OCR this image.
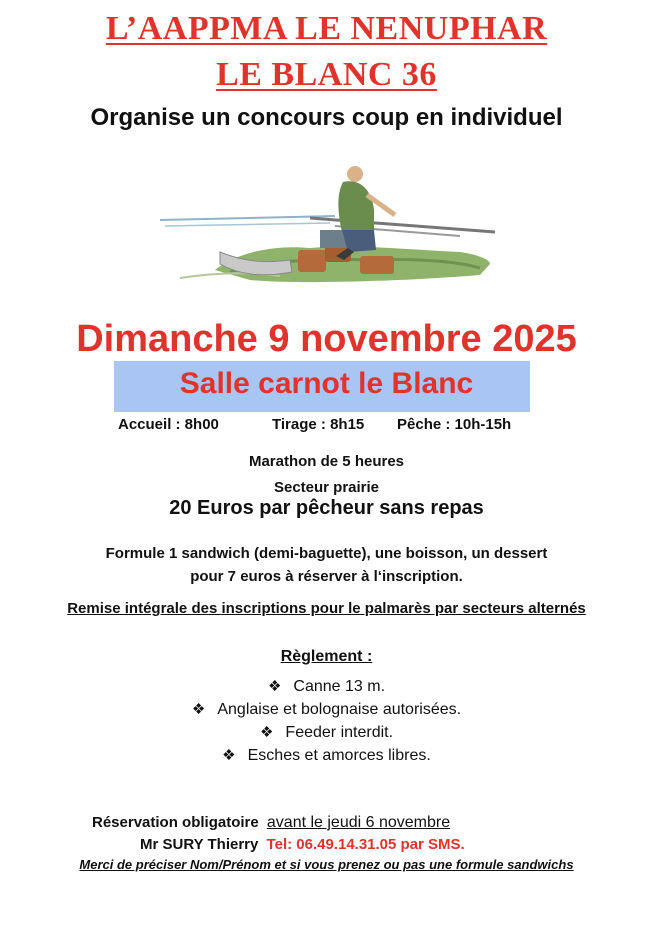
L’AAPPMA LE NENUPHAR
LE BLANC 36
Organise un concours coup en individuel
Dimanche 9 novembre 2025
Salle carnot le Blanc
Accueil : 8h00	Tirage : 8h15 Pêche : 10h-15h
Marathon de 5 heures
Secteur prairie
20 Euros par pêcheur sans repas
Formule 1 sandwich (demi-baguette), une boisson, un dessert
pour 7 euros à réserver à l‘inscription.
Remise intégrale des inscriptions pour le palmarès par secteurs alternés
Règlement :
❖ Canne 13 m.
❖ Anglaise et bolognaise autorisées.
❖ Feeder interdit.
❖ Esches et amorces libres.
Réservation obligatoire avant le jeudi 6 novembre
Mr SURY Thierry Tel: 06.49.14.31.05 par SMS.
Merci de préciser Nom/Prénom et si vous prenez ou pas une formule sandwichs
